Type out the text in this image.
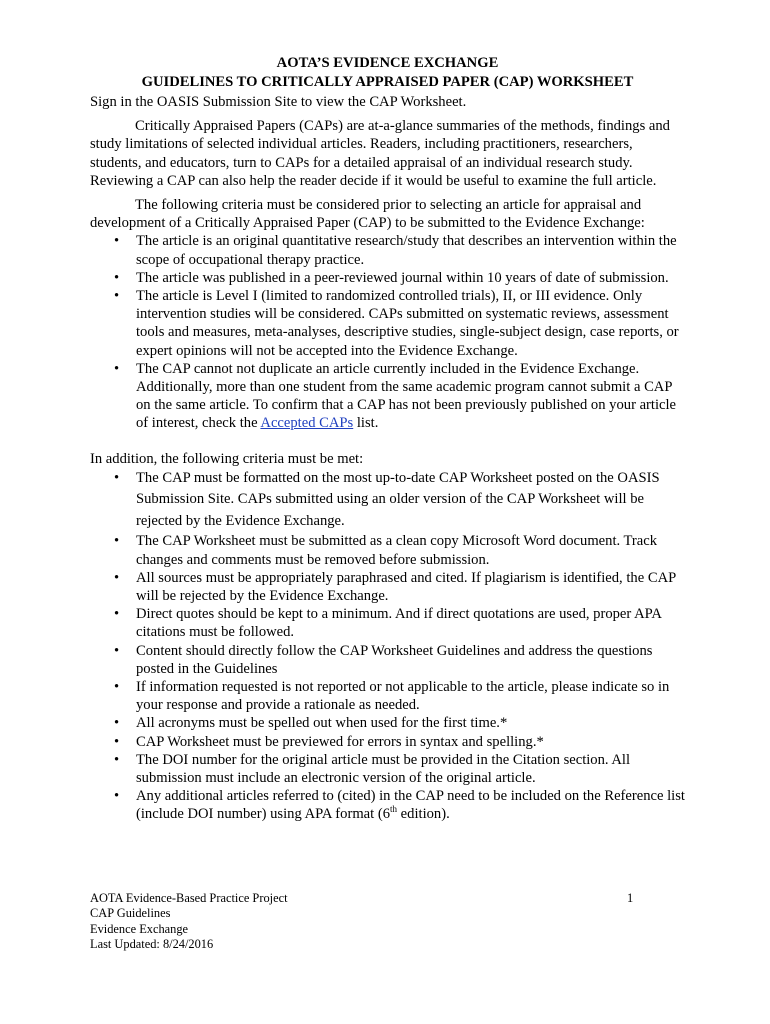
AOTA’S EVIDENCE EXCHANGE

GUIDELINES TO CRITICALLY APPRAISED PAPER (CAP) WORKSHEET

Sign in the OASIS Submission Site to view the CAP Worksheet.

Critically Appraised Papers (CAPs) are at-a-glance summaries of the methods, findings and study limitations of selected individual articles. Readers, including practitioners, researchers, students, and educators, turn to CAPs for a detailed appraisal of an individual research study. Reviewing a CAP can also help the reader decide if it would be useful to examine the full article.

The following criteria must be considered prior to selecting an article for appraisal and development of a Critically Appraised Paper (CAP) to be submitted to the Evidence Exchange:

•	The article is an original quantitative research/study that describes an intervention within the scope of occupational therapy practice.
•	The article was published in a peer-reviewed journal within 10 years of date of submission.
•	The article is Level I (limited to randomized controlled trials), II, or III evidence. Only intervention studies will be considered. CAPs submitted on systematic reviews, assessment tools and measures, meta-analyses, descriptive studies, single-subject design, case reports, or expert opinions will not be accepted into the Evidence Exchange.
•	The CAP cannot not duplicate an article currently included in the Evidence Exchange. Additionally, more than one student from the same academic program cannot submit a CAP on the same article. To confirm that a CAP has not been previously published on your article of interest, check the Accepted CAPs list.

In addition, the following criteria must be met:

•	The CAP must be formatted on the most up-to-date CAP Worksheet posted on the OASIS Submission Site. CAPs submitted using an older version of the CAP Worksheet will be rejected by the Evidence Exchange.
•	The CAP Worksheet must be submitted as a clean copy Microsoft Word document. Track changes and comments must be removed before submission.
•	All sources must be appropriately paraphrased and cited. If plagiarism is identified, the CAP will be rejected by the Evidence Exchange.
•	Direct quotes should be kept to a minimum. And if direct quotations are used, proper APA citations must be followed.
•	Content should directly follow the CAP Worksheet Guidelines and address the questions posted in the Guidelines
•	If information requested is not reported or not applicable to the article, please indicate so in your response and provide a rationale as needed.
•	All acronyms must be spelled out when used for the first time.*
•	CAP Worksheet must be previewed for errors in syntax and spelling.*
•	The DOI number for the original article must be provided in the Citation section. All submission must include an electronic version of the original article.
•	Any additional articles referred to (cited) in the CAP need to be included on the Reference list (include DOI number) using APA format (6th edition).
AOTA Evidence-Based Practice Project
CAP Guidelines
Evidence Exchange
Last Updated: 8/24/2016
1
